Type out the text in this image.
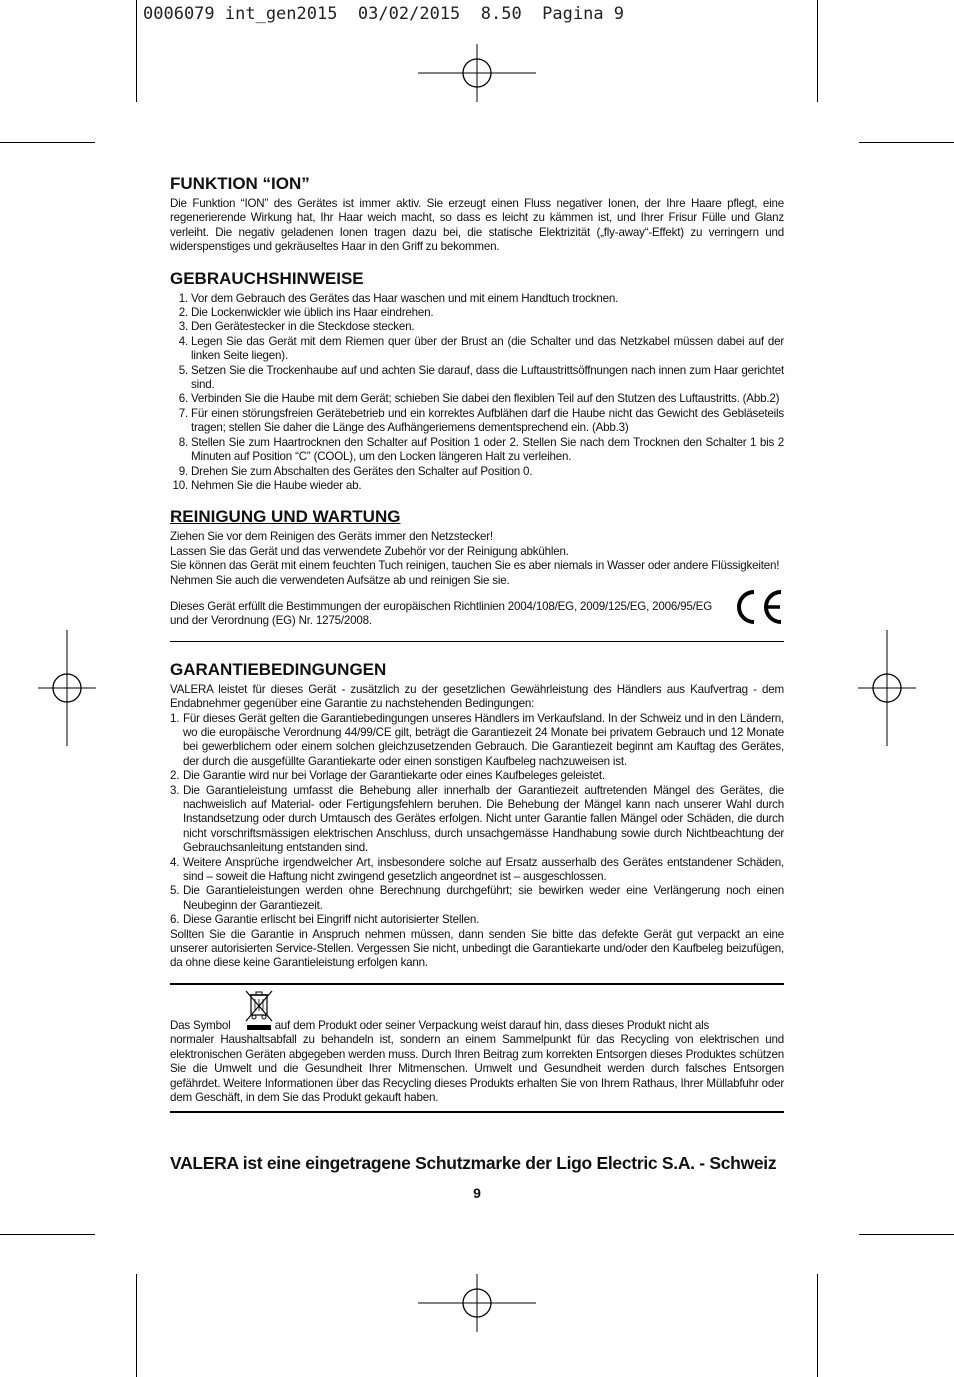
0006079 int_gen2015  03/02/2015  8.50  Pagina 9
FUNKTION “ION”

Die Funktion “ION” des Gerätes ist immer aktiv. Sie erzeugt einen Fluss negativer Ionen, der Ihre Haare pflegt, eine regenerierende Wirkung hat, Ihr Haar weich macht, so dass es leicht zu kämmen ist, und Ihrer Frisur Fülle und Glanz verleiht. Die negativ geladenen Ionen tragen dazu bei, die statische Elektrizität („fly-away“-Effekt) zu verringern und widerspenstiges und gekräuseltes Haar in den Griff zu bekommen.

GEBRAUCHSHINWEISE
1. Vor dem Gebrauch des Gerätes das Haar waschen und mit einem Handtuch trocknen.
2. Die Lockenwickler wie üblich ins Haar eindrehen.
3. Den Gerätestecker in die Steckdose stecken.
4. Legen Sie das Gerät mit dem Riemen quer über der Brust an (die Schalter und das Netzkabel müssen dabei auf der linken Seite liegen).
5. Setzen Sie die Trockenhaube auf und achten Sie darauf, dass die Luftaustrittsöffnungen nach innen zum Haar gerichtet sind.
6. Verbinden Sie die Haube mit dem Gerät; schieben Sie dabei den flexiblen Teil auf den Stutzen des Luftaustritts. (Abb.2)
7. Für einen störungsfreien Gerätebetrieb und ein korrektes Aufblähen darf die Haube nicht das Gewicht des Gebläseteils tragen; stellen Sie daher die Länge des Aufhängeriemens dementsprechend ein. (Abb.3)
8. Stellen Sie zum Haartrocknen den Schalter auf Position 1 oder 2. Stellen Sie nach dem Trocknen den Schalter 1 bis 2 Minuten auf Position “C” (COOL), um den Locken längeren Halt zu verleihen.
9. Drehen Sie zum Abschalten des Gerätes den Schalter auf Position 0.
10. Nehmen Sie die Haube wieder ab.
REINIGUNG UND WARTUNG

Ziehen Sie vor dem Reinigen des Geräts immer den Netzstecker!

Lassen Sie das Gerät und das verwendete Zubehör vor der Reinigung abkühlen.

Sie können das Gerät mit einem feuchten Tuch reinigen, tauchen Sie es aber niemals in Wasser oder andere Flüssigkeiten!

Nehmen Sie auch die verwendeten Aufsätze ab und reinigen Sie sie.

Dieses Gerät erfüllt die Bestimmungen der europäischen Richtlinien 2004/108/EG, 2009/125/EG, 2006/95/EG und der Verordnung (EG) Nr. 1275/2008.

GARANTIEBEDINGUNGEN

VALERA leistet für dieses Gerät - zusätzlich zu der gesetzlichen Gewährleistung des Händlers aus Kaufvertrag - dem Endabnehmer gegenüber eine Garantie zu nachstehenden Bedingungen:

1. Für dieses Gerät gelten die Garantiebedingungen unseres Händlers im Verkaufsland. In der Schweiz und in den Ländern, wo die europäische Verordnung 44/99/CE gilt, beträgt die Garantiezeit 24 Monate bei privatem Gebrauch und 12 Monate bei gewerblichem oder einem solchen gleichzusetzenden Gebrauch. Die Garantiezeit beginnt am Kauftag des Gerätes, der durch die ausgefüllte Garantiekarte oder einen sonstigen Kaufbeleg nachzuweisen ist.
2. Die Garantie wird nur bei Vorlage der Garantiekarte oder eines Kaufbeleges geleistet.
3. Die Garantieleistung umfasst die Behebung aller innerhalb der Garantiezeit auftretenden Mängel des Gerätes, die nachweislich auf Material- oder Fertigungsfehlern beruhen. Die Behebung der Mängel kann nach unserer Wahl durch Instandsetzung oder durch Umtausch des Gerätes erfolgen. Nicht unter Garantie fallen Mängel oder Schäden, die durch nicht vorschriftsmässigen elektrischen Anschluss, durch unsachgemässe Handhabung sowie durch Nichtbeachtung der Gebrauchsanleitung entstanden sind.
4. Weitere Ansprüche irgendwelcher Art, insbesondere solche auf Ersatz ausserhalb des Gerätes entstandener Schäden, sind – soweit die Haftung nicht zwingend gesetzlich angeordnet ist – ausgeschlossen.
5. Die Garantieleistungen werden ohne Berechnung durchgeführt; sie bewirken weder eine Verlängerung noch einen Neubeginn der Garantiezeit.
6. Diese Garantie erlischt bei Eingriff nicht autorisierter Stellen.

Sollten Sie die Garantie in Anspruch nehmen müssen, dann senden Sie bitte das defekte Gerät gut verpackt an eine unserer autorisierten Service-Stellen. Vergessen Sie nicht, unbedingt die Garantiekarte und/oder den Kaufbeleg beizufügen, da ohne diese keine Garantieleistung erfolgen kann.

Das Symbol	auf dem Produkt oder seiner Verpackung weist darauf hin, dass dieses Produkt nicht als

normaler Haushaltsabfall zu behandeln ist, sondern an einem Sammelpunkt für das Recycling von elektrischen und elektronischen Geräten abgegeben werden muss. Durch Ihren Beitrag zum korrekten Entsorgen dieses Produktes schützen Sie die Umwelt und die Gesundheit Ihrer Mitmenschen. Umwelt und Gesundheit werden durch falsches Entsorgen gefährdet. Weitere Informationen über das Recycling dieses Produkts erhalten Sie von Ihrem Rathaus, Ihrer Müllabfuhr oder dem Geschäft, in dem Sie das Produkt gekauft haben.

VALERA ist eine eingetragene Schutzmarke der Ligo Electric S.A. - Schweiz
9
